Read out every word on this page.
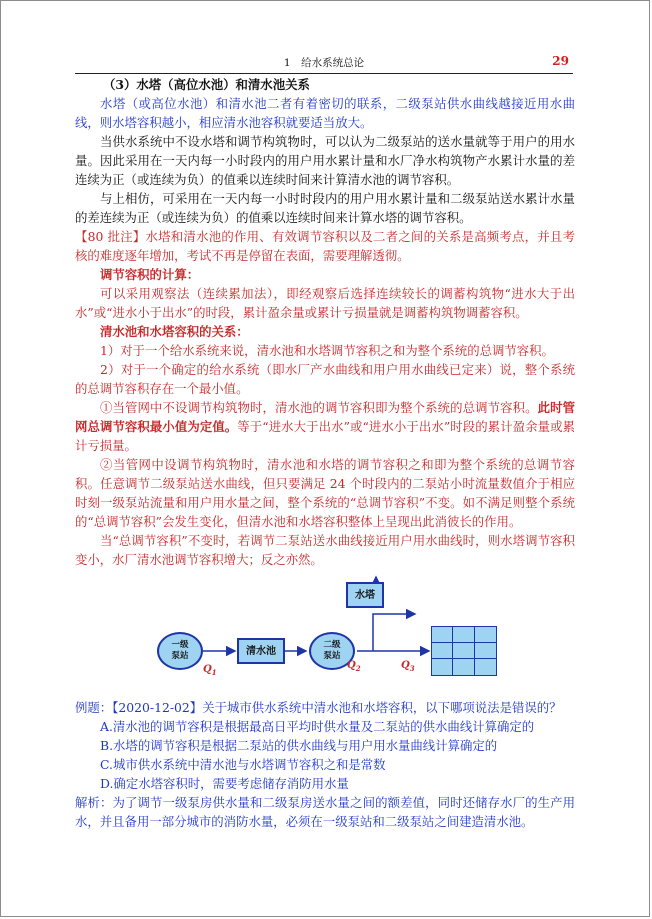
1　给水系统总论	29

（3）水塔（高位水池）和清水池关系

水塔（或高位水池）和清水池二者有着密切的联系，二级泵站供水曲线越接近用水曲线，则水塔容积越小，相应清水池容积就要适当放大。

当供水系统中不设水塔和调节构筑物时，可以认为二级泵站的送水量就等于用户的用水量。因此采用在一天内每一小时段内的用户用水累计量和水厂净水构筑物产水累计水量的差连续为正（或连续为负）的值乘以连续时间来计算清水池的调节容积。

与上相仿，可采用在一天内每一小时时段内的用户用水累计量和二级泵站送水累计水量的差连续为正（或连续为负）的值乘以连续时间来计算水塔的调节容积。

【80 批注】水塔和清水池的作用、有效调节容积以及二者之间的关系是高频考点，并且考核的难度逐年增加，考试不再是停留在表面，需要理解透彻。

调节容积的计算：

可以采用观察法（连续累加法），即经观察后选择连续较长的调蓄构筑物“进水大于出水”或“进水小于出水”的时段，累计盈余量或累计亏损量就是调蓄构筑物调蓄容积。

清水池和水塔容积的关系：

1）对于一个给水系统来说，清水池和水塔调节容积之和为整个系统的总调节容积。

2）对于一个确定的给水系统（即水厂产水曲线和用户用水曲线已定来）说，整个系统的总调节容积存在一个最小值。

①当管网中不设调节构筑物时，清水池的调节容积即为整个系统的总调节容积。此时管网总调节容积最小值为定值。等于“进水大于出水”或“进水小于出水”时段的累计盈余量或累计亏损量。

②当管网中设调节构筑物时，清水池和水塔的调节容积之和即为整个系统的总调节容积。任意调节二级泵站送水曲线，但只要满足 24 个时段内的二泵站小时流量数值介于相应时刻一级泵站流量和用户用水量之间，整个系统的“总调节容积”不变。如不满足则整个系统的“总调节容积”会发生变化，但清水池和水塔容积整体上呈现出此消彼长的作用。

当“总调节容积”不变时，若调节二泵站送水曲线接近用户用水曲线时，则水塔调节容积变小，水厂清水池调节容积增大；反之亦然。

一级
泵站
$Q_1$
清水池
二级
泵站
$Q_2$
水塔
$Q_3$

例题：【2020-12-02】关于城市供水系统中清水池和水塔容积，以下哪项说法是错误的？

A.清水池的调节容积是根据最高日平均时供水量及二泵站的供水曲线计算确定的

B.水塔的调节容积是根据二泵站的供水曲线与用户用水量曲线计算确定的

C.城市供水系统中清水池与水塔调节容积之和是常数

D.确定水塔容积时，需要考虑储存消防用水量

解析：为了调节一级泵房供水量和二级泵房送水量之间的额差值，同时还储存水厂的生产用水，并且备用一部分城市的消防水量，必须在一级泵站和二级泵站之间建造清水池。
